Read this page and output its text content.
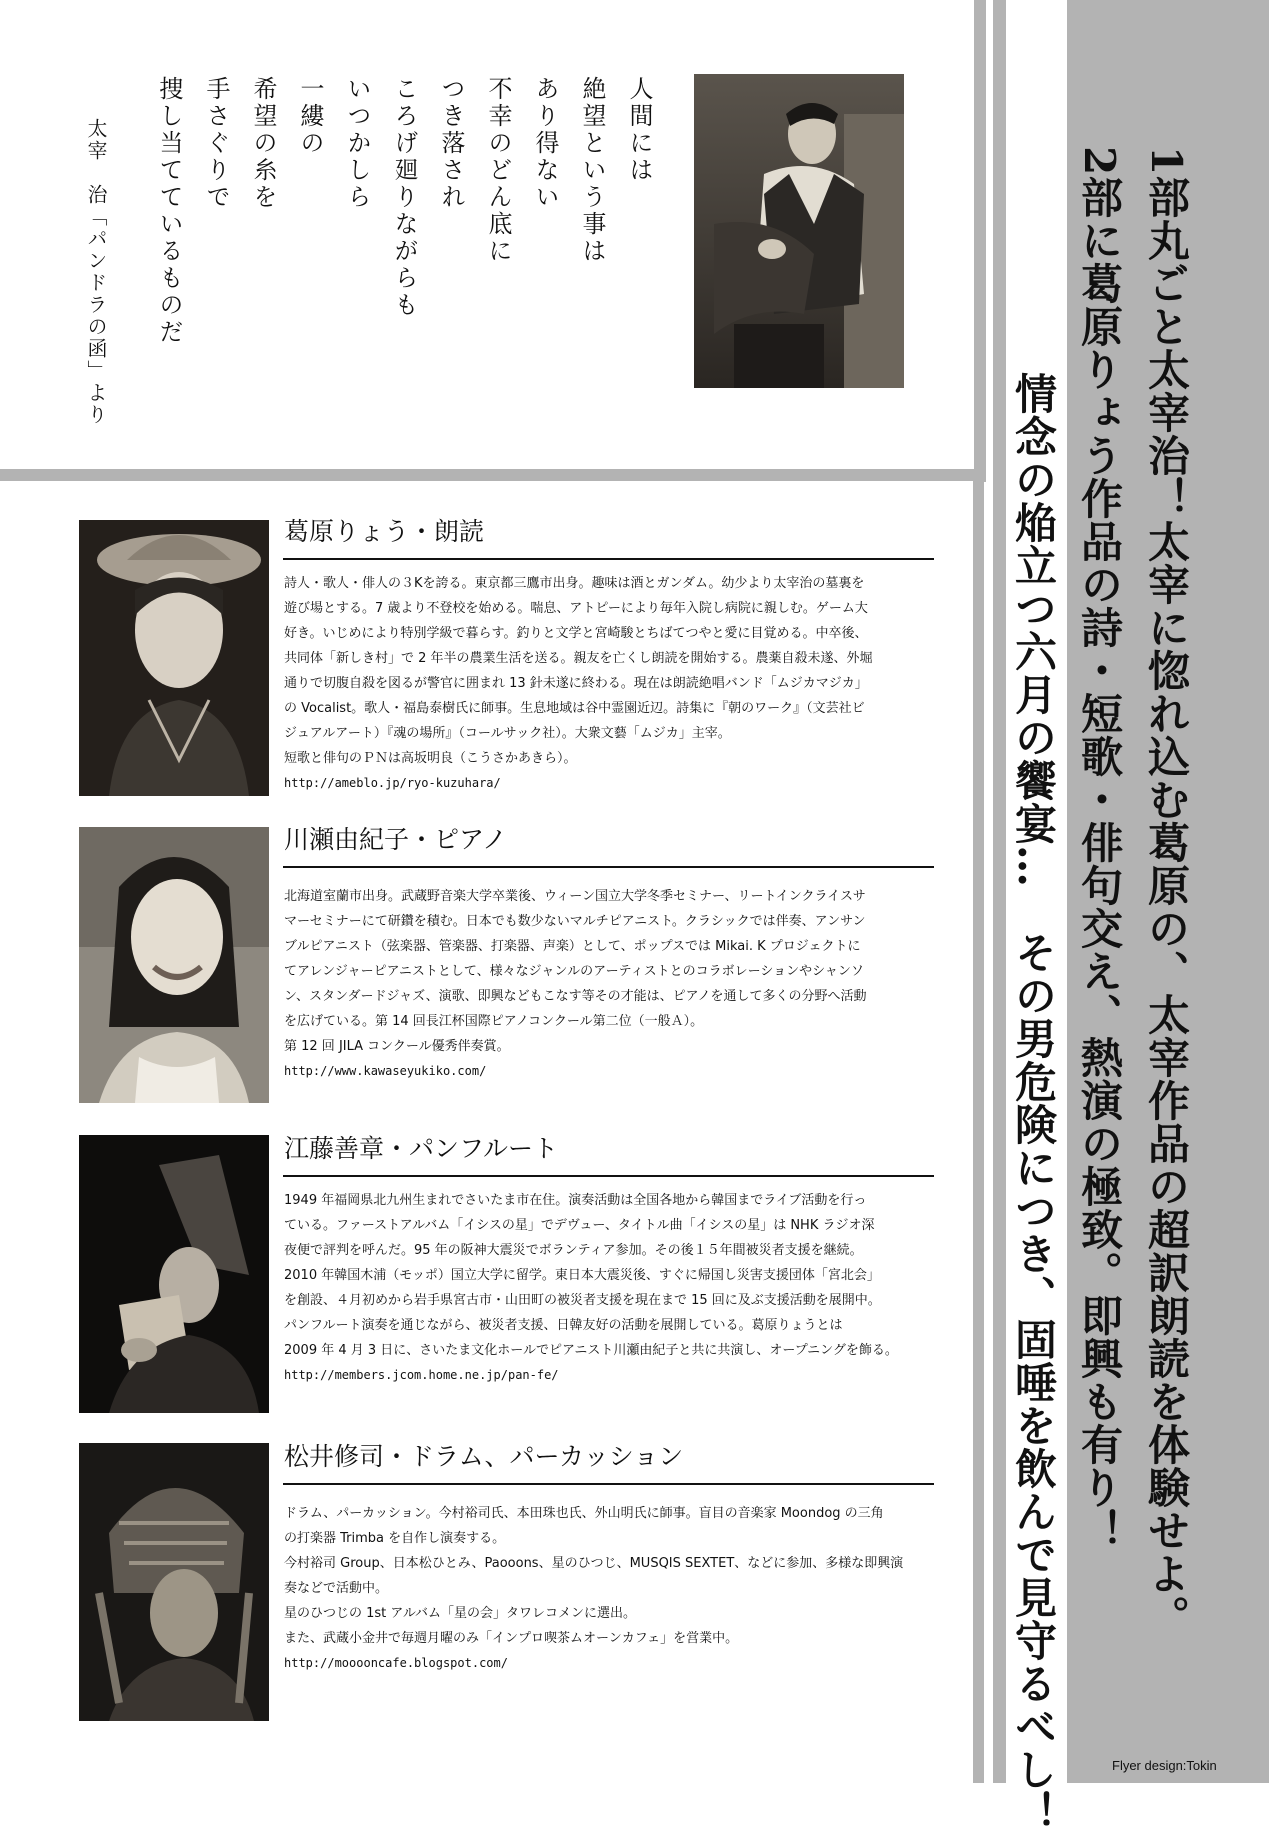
人間には
絶望という事は
あり得ない
不幸のどん底に
つき落され
ころげ廻りながらも
いつかしら
一縷の
希望の糸を
手さぐりで
捜し当てているものだ
太宰　治「パンドラの函」より
葛原りょう・朗読

詩人・歌人・俳人の３Kを誇る。東京都三鷹市出身。趣味は酒とガンダム。幼少より太宰治の墓裏を

遊び場とする。7 歳より不登校を始める。喘息、アトピーにより毎年入院し病院に親しむ。ゲーム大

好き。いじめにより特別学級で暮らす。釣りと文学と宮崎駿とちばてつやと愛に目覚める。中卒後、

共同体「新しき村」で 2 年半の農業生活を送る。親友を亡くし朗読を開始する。農薬自殺未遂、外堀

通りで切腹自殺を図るが警官に囲まれ 13 針未遂に終わる。現在は朗読絶唱バンド「ムジカマジカ」

の Vocalist。歌人・福島泰樹氏に師事。生息地域は谷中霊園近辺。詩集に『朝のワーク』（文芸社ビ

ジュアルアート）『魂の場所』（コールサック社）。大衆文藝「ムジカ」主宰。

短歌と俳句のＰＮは高坂明良（こうさかあきら）。

http://ameblo.jp/ryo-kuzuhara/

川瀬由紀子・ピアノ

北海道室蘭市出身。武蔵野音楽大学卒業後、ウィーン国立大学冬季セミナー、リートインクライスサ

マーセミナーにて研鑽を積む。日本でも数少ないマルチピアニスト。クラシックでは伴奏、アンサン

ブルピアニスト（弦楽器、管楽器、打楽器、声楽）として、ポップスでは Mikai. K プロジェクトに

てアレンジャーピアニストとして、様々なジャンルのアーティストとのコラボレーションやシャンソ

ン、スタンダードジャズ、演歌、即興などもこなす等その才能は、ピアノを通して多くの分野へ活動

を広げている。第 14 回長江杯国際ピアノコンクール第二位（一般Ａ）。

第 12 回 JILA コンクール優秀伴奏賞。

http://www.kawaseyukiko.com/

江藤善章・パンフルート

1949 年福岡県北九州生まれでさいたま市在住。演奏活動は全国各地から韓国までライブ活動を行っ

ている。ファーストアルバム「イシスの星」でデヴュー、タイトル曲「イシスの星」は NHK ラジオ深

夜便で評判を呼んだ。95 年の阪神大震災でボランティア参加。その後１５年間被災者支援を継続。

2010 年韓国木浦（モッポ）国立大学に留学。東日本大震災後、すぐに帰国し災害支援団体「宮北会」

を創設、４月初めから岩手県宮古市・山田町の被災者支援を現在まで 15 回に及ぶ支援活動を展開中。

パンフルート演奏を通じながら、被災者支援、日韓友好の活動を展開している。葛原りょうとは

2009 年 4 月 3 日に、さいたま文化ホールでピアニスト川瀬由紀子と共に共演し、オープニングを飾る。

http://members.jcom.home.ne.jp/pan-fe/

松井修司・ドラム、パーカッション

ドラム、パーカッション。今村裕司氏、本田珠也氏、外山明氏に師事。盲目の音楽家 Moondog の三角

の打楽器 Trimba を自作し演奏する。

今村裕司 Group、日本松ひとみ、Paooons、星のひつじ、MUSQIS SEXTET、などに参加、多様な即興演

奏などで活動中。

星のひつじの 1st アルバム「星の会」タワレコメンに選出。

また、武蔵小金井で毎週月曜のみ「インプロ喫茶ムオーンカフェ」を営業中。

http://mooooncafe.blogspot.com/

1部丸ごと太宰治！太宰に惚れ込む葛原の、太宰作品の超訳朗読を体験せよ。
2部に葛原りょう作品の詩・短歌・俳句交え、熱演の極致。即興も有り！
情念の焔立つ六月の饗宴…　その男危険につき、固唾を飲んで見守るべし！	Flyer design:Tokin
